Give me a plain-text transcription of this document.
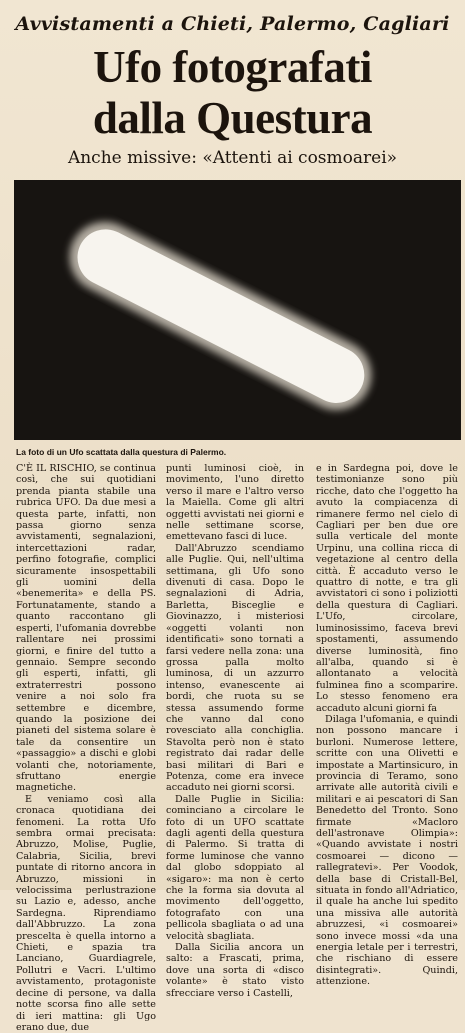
Avvistamenti a Chieti, Palermo, Cagliari
Ufo fotografati
dalla Questura
Anche missive: «Attenti ai cosmoarei»
La foto di un Ufo scattata dalla questura di Palermo.

C'È IL RISCHIO, se continua così, che sui quotidiani prenda pianta stabile una rubrica UFO. Da due mesi a questa parte, infatti, non passa giorno senza avvistamenti, segnalazioni, intercettazioni radar, perfino fotografie, complici sicuramente insospettabili gli uomini della «benemerita» e della PS. Fortunatamente, stando a quanto raccontano gli esperti, l'ufomania dovrebbe rallentare nei prossimi giorni, e finire del tutto a gennaio. Sempre secondo gli esperti, infatti, gli extraterrestri possono venire a noi solo fra settembre e dicembre, quando la posizione dei pianeti del sistema solare è tale da consentire un «passaggio» a dischi e globi volanti che, notoriamente, sfruttano energie magnetiche.

E veniamo così alla cronaca quotidiana dei fenomeni. La rotta Ufo sembra ormai precisata: Abruzzo, Molise, Puglie, Calabria, Sicilia, brevi puntate di ritorno ancora in Abruzzo, missioni in velocissima perlustrazione su Lazio e, adesso, anche Sardegna. Riprendiamo dall'Abbruzzo. La zona prescelta è quella intorno a Chieti, e spazia tra Lanciano, Guardiagrele, Pollutri e Vacri. L'ultimo avvistamento, protagoniste decine di persone, va dalla notte scorsa fino alle sette di ieri mattina: gli Ugo erano due, due

punti luminosi cioè, in movimento, l'uno diretto verso il mare e l'altro verso la Maiella. Come gli altri oggetti avvistati nei giorni e nelle settimane scorse, emettevano fasci di luce.

Dall'Abruzzo scendiamo alle Puglie. Qui, nell'ultima settimana, gli Ufo sono divenuti di casa. Dopo le segnalazioni di Adria, Barletta, Bisceglie e Giovinazzo, i misteriosi «oggetti volanti non identificati» sono tornati a farsi vedere nella zona: una grossa palla molto luminosa, di un azzurro intenso, evanescente ai bordi, che ruota su se stessa assumendo forme che vanno dal cono rovesciato alla conchiglia. Stavolta però non è stato registrato dai radar delle basi militari di Bari e Potenza, come era invece accaduto nei giorni scorsi.

Dalle Puglie in Sicilia: cominciano a circolare le foto di un UFO scattate dagli agenti della questura di Palermo. Si tratta di forme luminose che vanno dal globo sdoppiato al «sigaro»: ma non è certo che la forma sia dovuta al movimento dell'oggetto, fotografato con una pellicola sbagliata o ad una velocità sbagliata.

Dalla Sicilia ancora un salto: a Frascati, prima, dove una sorta di «disco volante» è stato visto sfrecciare verso i Castelli,

e in Sardegna poi, dove le testimonianze sono più ricche, dato che l'oggetto ha avuto la compiacenza di rimanere fermo nel cielo di Cagliari per ben due ore sulla verticale del monte Urpinu, una collina ricca di vegetazione al centro della città. È accaduto verso le quattro di notte, e tra gli avvistatori ci sono i poliziotti della questura di Cagliari. L'Ufo, circolare, luminosissimo, faceva brevi spostamenti, assumendo diverse luminosità, fino all'alba, quando si è allontanato a velocità fulminea fino a scomparire. Lo stesso fenomeno era accaduto alcuni giorni fa

Dilaga l'ufomania, e quindi non possono mancare i burloni. Numerose lettere, scritte con una Olivetti e impostate a Martinsicuro, in provincia di Teramo, sono arrivate alle autorità civili e militari e ai pescatori di San Benedetto del Tronto. Sono firmate «Macloro dell'astronave Olimpia»: «Quando avvistate i nostri cosmoarei — dicono — rallegratevi». Per Voodok, della base di Cristall-Bel, situata in fondo all'Adriatico, il quale ha anche lui spedito una missiva alle autorità abruzzesi, «i cosmoarei» sono invece mossi «da una energia letale per i terrestri, che rischiano di essere disintegrati». Quindi, attenzione.
